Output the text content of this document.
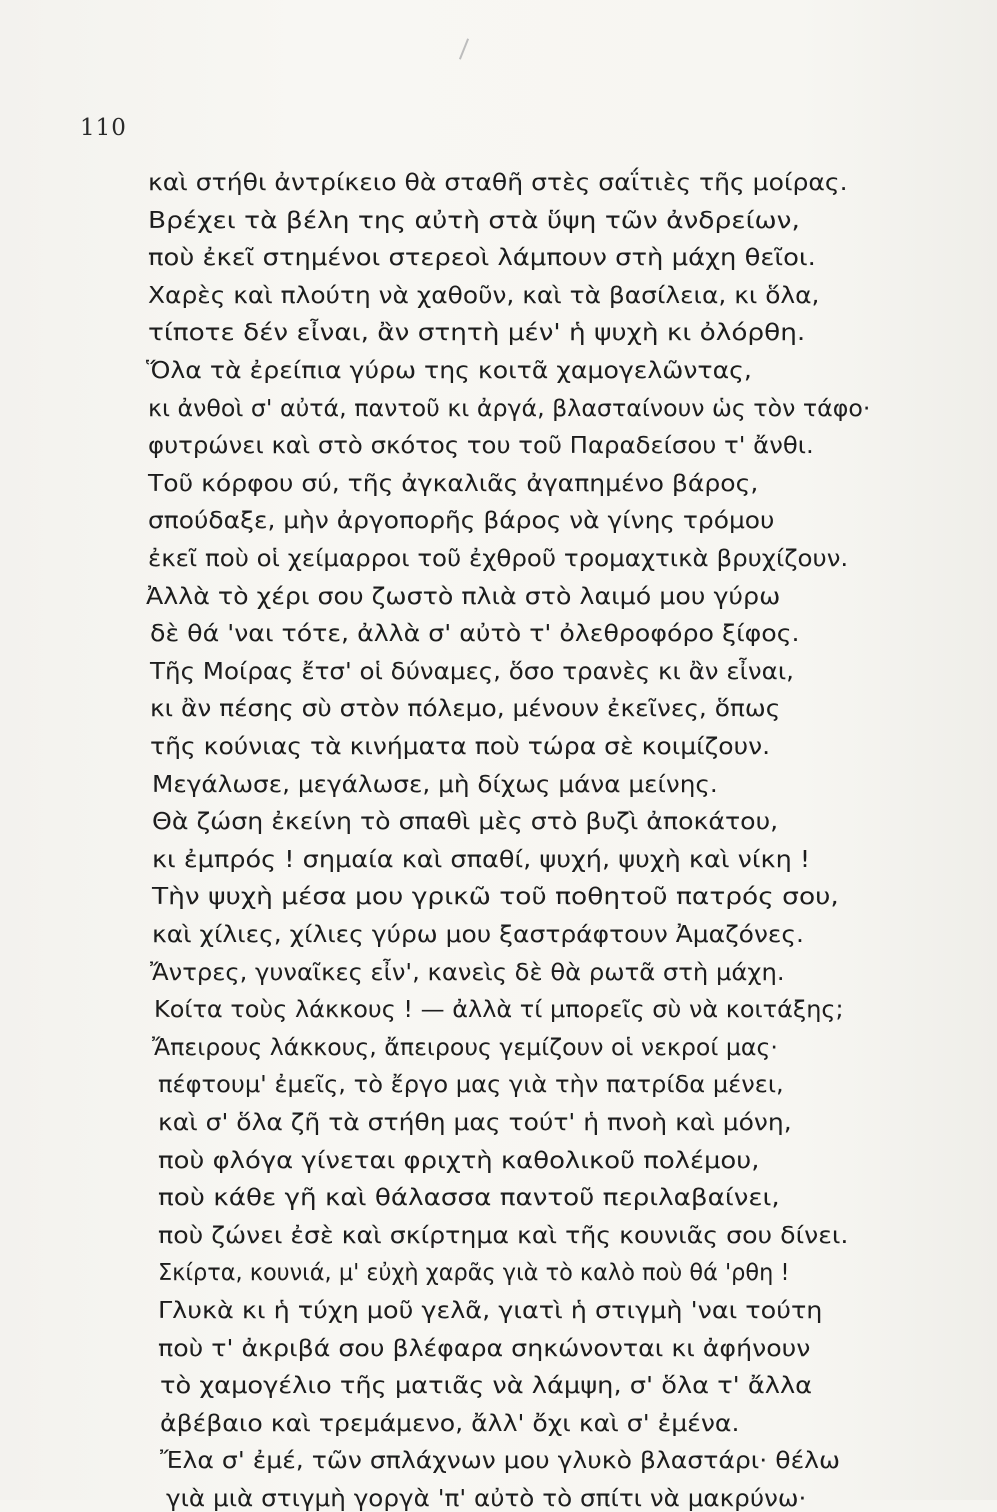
110
καὶ στήθι ἀντρίκειο θὰ σταθῆ στὲς σαΐτιὲς τῆς μοίρας.
Βρέχει τὰ βέλη της αὐτὴ στὰ ὕψη τῶν ἀνδρείων,
ποὺ ἐκεῖ στημένοι στερεοὶ λάμπουν στὴ μάχη θεῖοι.
Χαρὲς καὶ πλούτη νὰ χαθοῦν, καὶ τὰ βασίλεια, κι ὅλα,
τίποτε δέν εἶναι, ἂν στητὴ μέν' ἡ ψυχὴ κι ὀλόρθη.
Ὅλα τὰ ἐρείπια γύρω της κοιτᾶ χαμογελῶντας,
κι ἀνθοὶ σ' αὐτά, παντοῦ κι ἀργά, βλασταίνουν ὡς τὸν τάφο·
φυτρώνει καὶ στὸ σκότος του τοῦ Παραδείσου τ' ἄνθι.
Τοῦ κόρφου σύ, τῆς ἀγκαλιᾶς ἀγαπημένο βάρος,
σπούδαξε, μὴν ἀργοπορῆς βάρος νὰ γίνης τρόμου
ἐκεῖ ποὺ οἱ χείμαρροι τοῦ ἐχθροῦ τρομαχτικὰ βρυχίζουν.
Ἀλλὰ τὸ χέρι σου ζωστὸ πλιὰ στὸ λαιμό μου γύρω
δὲ θά 'ναι τότε, ἀλλὰ σ' αὐτὸ τ' ὀλεθροφόρο ξίφος.
Τῆς Μοίρας ἔτσ' οἱ δύναμες, ὅσο τρανὲς κι ἂν εἶναι,
κι ἂν πέσης σὺ στὸν πόλεμο, μένουν ἐκεῖνες, ὅπως
τῆς κούνιας τὰ κινήματα ποὺ τώρα σὲ κοιμίζουν.
Μεγάλωσε, μεγάλωσε, μὴ δίχως μάνα μείνης.
Θὰ ζώση ἐκείνη τὸ σπαθὶ μὲς στὸ βυζὶ ἀποκάτου,
κι ἐμπρός ! σημαία καὶ σπαθί, ψυχή, ψυχὴ καὶ νίκη !
Τὴν ψυχὴ μέσα μου γρικῶ τοῦ ποθητοῦ πατρός σου,
καὶ χίλιες, χίλιες γύρω μου ξαστράφτουν Ἀμαζόνες.
Ἄντρες, γυναῖκες εἶν', κανεὶς δὲ θὰ ρωτᾶ στὴ μάχη.
Κοίτα τοὺς λάκκους ! — ἀλλὰ τί μπορεῖς σὺ νὰ κοιτάξης;
Ἄπειρους λάκκους, ἄπειρους γεμίζουν οἱ νεκροί μας·
πέφτουμ' ἐμεῖς, τὸ ἔργο μας γιὰ τὴν πατρίδα μένει,
καὶ σ' ὅλα ζῆ τὰ στήθη μας τούτ' ἡ πνοὴ καὶ μόνη,
ποὺ φλόγα γίνεται φριχτὴ καθολικοῦ πολέμου,
ποὺ κάθε γῆ καὶ θάλασσα παντοῦ περιλαβαίνει,
ποὺ ζώνει ἐσὲ καὶ σκίρτημα καὶ τῆς κουνιᾶς σου δίνει.
Σκίρτα, κουνιά, μ' εὐχὴ χαρᾶς γιὰ τὸ καλὸ ποὺ θά 'ρθη !
Γλυκὰ κι ἡ τύχη μοῦ γελᾶ, γιατὶ ἡ στιγμὴ 'ναι τούτη
ποὺ τ' ἀκριβά σου βλέφαρα σηκώνονται κι ἀφήνουν
τὸ χαμογέλιο τῆς ματιᾶς νὰ λάμψη, σ' ὅλα τ' ἄλλα
ἀβέβαιο καὶ τρεμάμενο, ἄλλ' ὄχι καὶ σ' ἐμένα.
Ἔλα σ' ἐμέ, τῶν σπλάχνων μου γλυκὸ βλαστάρι· θέλω
γιὰ μιὰ στιγμὴ γοργὰ 'π' αὐτὸ τὸ σπίτι νὰ μακρύνω·
